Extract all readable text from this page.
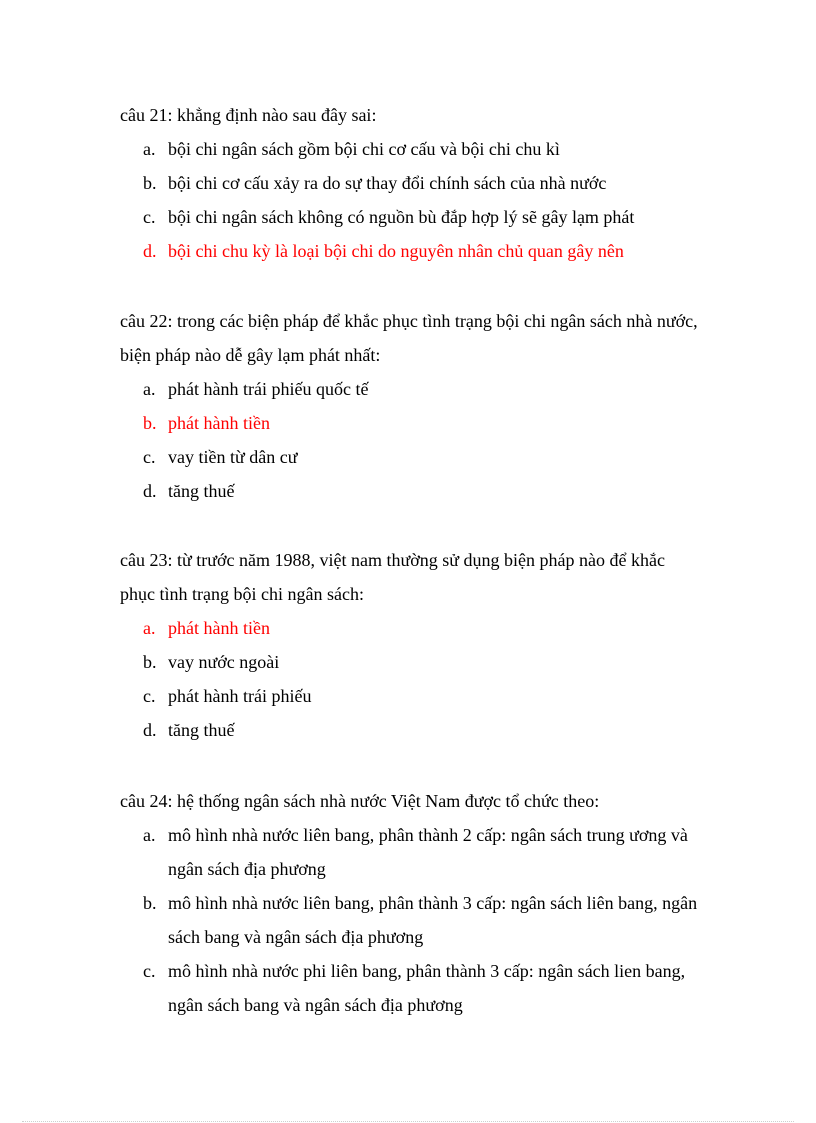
câu 21: khẳng định nào sau đây sai:

a. bội chi ngân sách gồm bội chi cơ cấu và bội chi chu kì
b. bội chi cơ cấu xảy ra do sự thay đổi chính sách của nhà nước
c. bội chi ngân sách không có nguồn bù đắp hợp lý sẽ gây lạm phát
d. bội chi chu kỳ là loại bội chi do nguyên nhân chủ quan gây nên

câu 22: trong các biện pháp để khắc phục tình trạng bội chi ngân sách nhà nước, biện pháp nào dễ gây lạm phát nhất:

a. phát hành trái phiếu quốc tế
b. phát hành tiền
c. vay tiền từ dân cư
d. tăng thuế

câu 23: từ trước năm 1988, việt nam thường sử dụng biện pháp nào để khắc phục tình trạng bội chi ngân sách:

a. phát hành tiền
b. vay nước ngoài
c. phát hành trái phiếu
d. tăng thuế

câu 24: hệ thống ngân sách nhà nước Việt Nam được tổ chức theo:

a. mô hình nhà nước liên bang, phân thành 2 cấp: ngân sách trung ương và ngân sách địa phương
b. mô hình nhà nước liên bang, phân thành 3 cấp: ngân sách liên bang, ngân sách bang và ngân sách địa phương
c. mô hình nhà nước phi liên bang, phân thành 3 cấp: ngân sách lien bang, ngân sách bang và ngân sách địa phương
